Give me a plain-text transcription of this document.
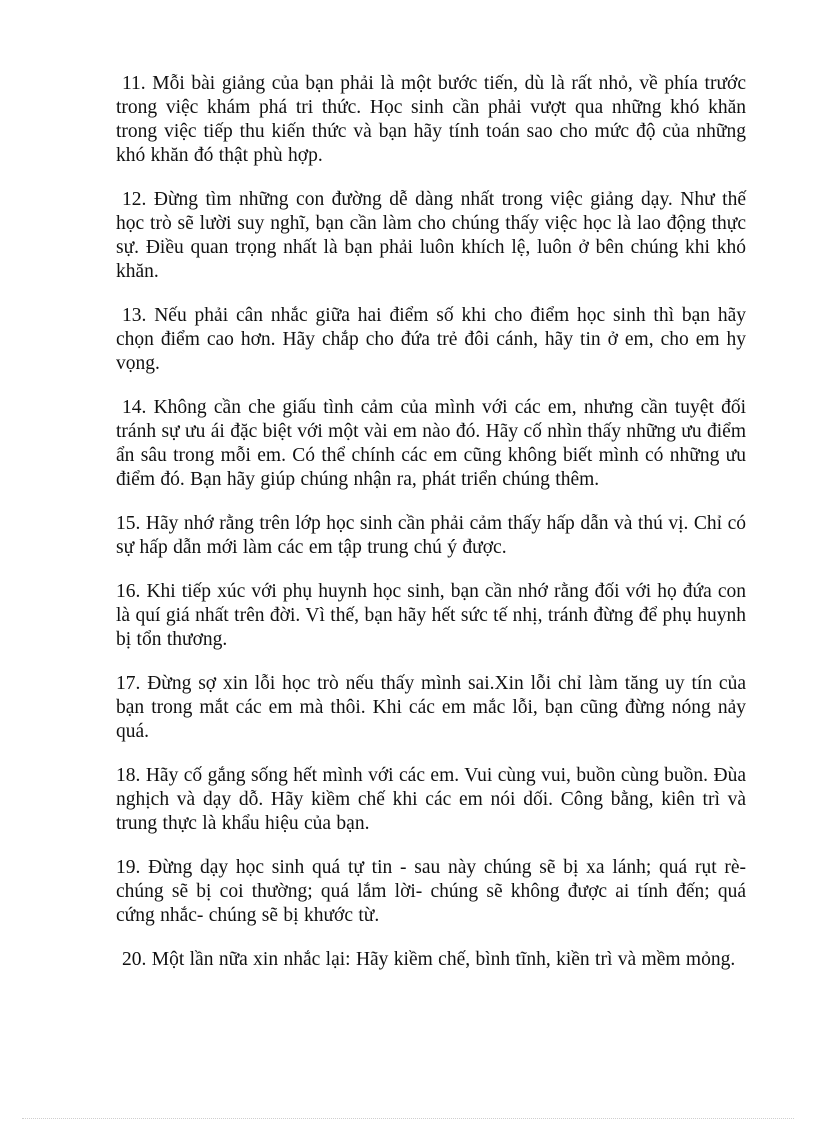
11. Mỗi bài giảng của bạn phải là một bước tiến, dù là rất nhỏ, về phía trước trong việc khám phá tri thức. Học sinh cần phải vượt qua những khó khăn trong việc tiếp thu kiến thức và bạn hãy tính toán sao cho mức độ của những khó khăn đó thật phù hợp.

12. Đừng tìm những con đường dễ dàng nhất trong việc giảng dạy. Như thế học trò sẽ lười suy nghĩ, bạn cần làm cho chúng thấy việc học là lao động thực sự. Điều quan trọng nhất là bạn phải luôn khích lệ, luôn ở bên chúng khi khó khăn.

13. Nếu phải cân nhắc giữa hai điểm số khi cho điểm học sinh thì bạn hãy chọn điểm cao hơn. Hãy chắp cho đứa trẻ đôi cánh, hãy tin ở em, cho em hy vọng.

14. Không cần che giấu tình cảm của mình với các em, nhưng cần tuyệt đối tránh sự ưu ái đặc biệt với một vài em nào đó. Hãy cố nhìn thấy những ưu điểm ẩn sâu trong mỗi em. Có thể chính các em cũng không biết mình có những ưu điểm đó. Bạn hãy giúp chúng nhận ra, phát triển chúng thêm.

15. Hãy nhớ rằng trên lớp học sinh cần phải cảm thấy hấp dẫn và thú vị. Chỉ có sự hấp dẫn mới làm các em tập trung chú ý được.

16. Khi tiếp xúc với phụ huynh học sinh, bạn cần nhớ rằng đối với họ đứa con là quí giá nhất trên đời. Vì thế, bạn hãy hết sức tế nhị, tránh đừng để phụ huynh bị tổn thương.

17. Đừng sợ xin lỗi học trò nếu thấy mình sai.Xin lỗi chỉ làm tăng uy tín của bạn trong mắt các em mà thôi. Khi các em mắc lỗi, bạn cũng đừng nóng nảy quá.

18. Hãy cố gắng sống hết mình với các em. Vui cùng vui, buồn cùng buồn. Đùa nghịch và dạy dỗ. Hãy kiềm chế khi các em nói dối. Công bằng, kiên trì và trung thực là khẩu hiệu của bạn.

19. Đừng dạy học sinh quá tự tin - sau này chúng sẽ bị xa lánh; quá rụt rè- chúng sẽ bị coi thường; quá lắm lời- chúng sẽ không được ai tính đến; quá cứng nhắc- chúng sẽ bị khước từ.

20. Một lần nữa xin nhắc lại: Hãy kiềm chế, bình tĩnh, kiền trì và mềm mỏng.
